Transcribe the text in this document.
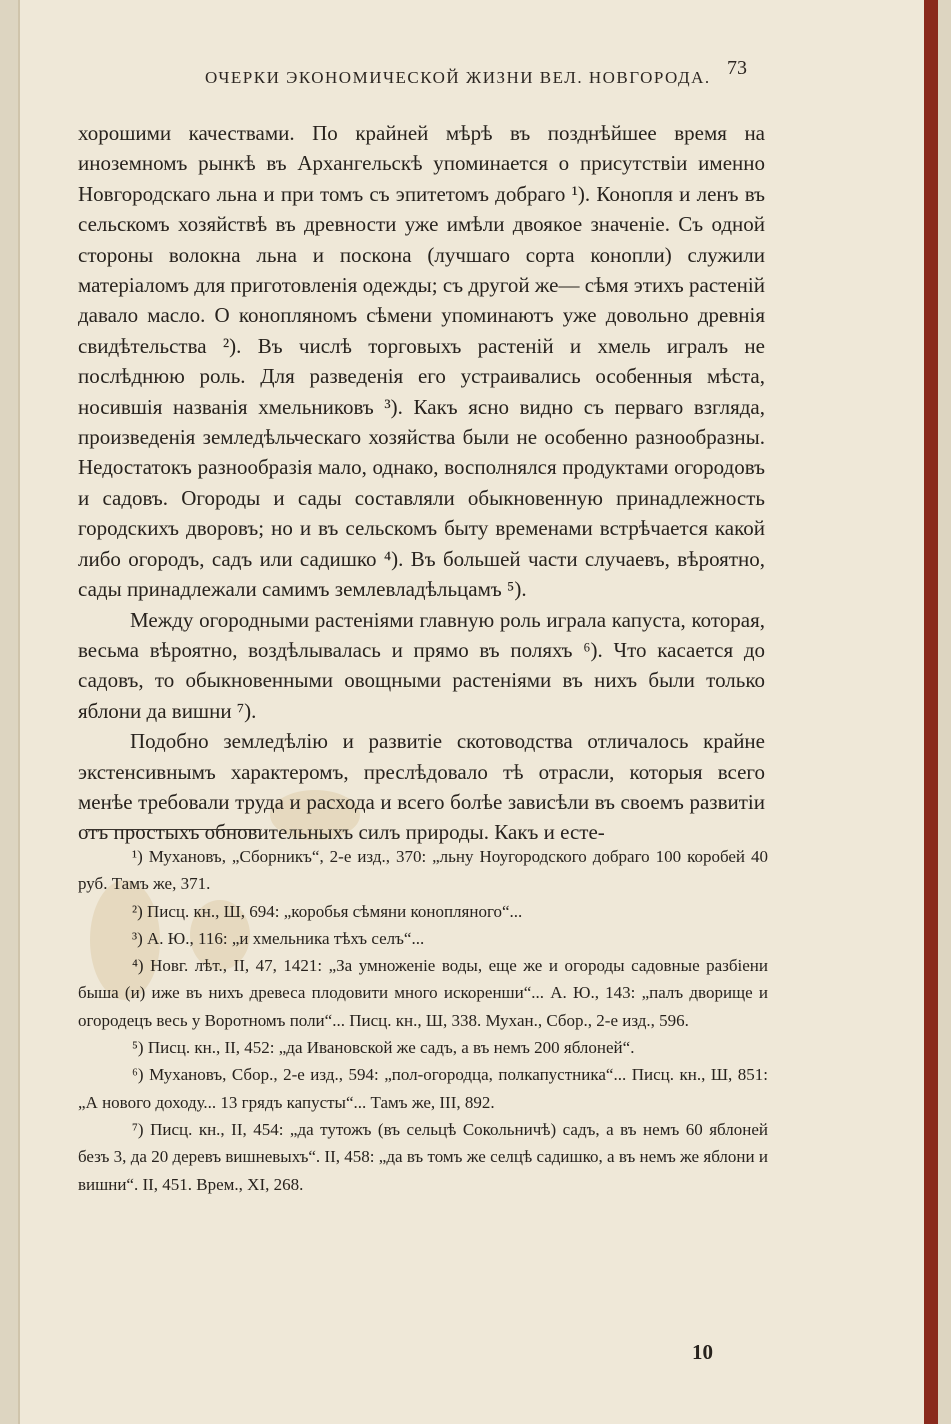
ОЧЕРКИ ЭКОНОМИЧЕСКОЙ ЖИЗНИ ВЕЛ. НОВГОРОДА. 73

хорошими качествами. По крайней мѣрѣ въ позднѣйшее время на иноземномъ рынкѣ въ Архангельскѣ упоминается о присутствіи именно Новгородскаго льна и при томъ съ эпитетомъ добраго ¹). Конопля и ленъ въ сельскомъ хозяйствѣ въ древности уже имѣли двоякое значеніе. Съ одной стороны волокна льна и поскона (лучшаго сорта конопли) служили матеріаломъ для приготовленія одежды; съ другой же— сѣмя этихъ растеній давало масло. О конопляномъ сѣмени упоминаютъ уже довольно древнія свидѣтельства ²). Въ числѣ торговыхъ растеній и хмель игралъ не послѣднюю роль. Для разведенія его устраивались особенныя мѣста, носившія названія хмельниковъ ³). Какъ ясно видно съ перваго взгляда, произведенія земледѣльческаго хозяйства были не особенно разнообразны. Недостатокъ разнообразія мало, однако, восполнялся продуктами огородовъ и садовъ. Огороды и сады составляли обыкновенную принадлежность городскихъ дворовъ; но и въ сельскомъ быту временами встрѣчается какой либо огородъ, садъ или садишко ⁴). Въ большей части случаевъ, вѣроятно, сады принадлежали самимъ землевладѣльцамъ ⁵).

Между огородными растеніями главную роль играла капуста, которая, весьма вѣроятно, воздѣлывалась и прямо въ поляхъ ⁶). Что касается до садовъ, то обыкновенными овощными растеніями въ нихъ были только яблони да вишни ⁷).

Подобно земледѣлію и развитіе скотоводства отличалось крайне экстенсивнымъ характеромъ, преслѣдовало тѣ отрасли, которыя всего менѣе требовали труда и расхода и всего болѣе зависѣли въ своемъ развитіи отъ простыхъ обновительныхъ силъ природы. Какъ и есте-

¹) Мухановъ, „Сборникъ“, 2-е изд., 370: „льну Ноугородского добраго 100 коробей 40 руб. Тамъ же, 371.

²) Писц. кн., Ш, 694: „коробья сѣмяни конопляного“...

³) А. Ю., 116: „и хмельника тѣхъ селъ“...

⁴) Новг. лѣт., II, 47, 1421: „За умноженіе воды, еще же и огороды садовные разбіени быша (и) иже въ нихъ древеса плодовити много искоренши“... А. Ю., 143: „палъ дворище и огородецъ весь у Воротномъ поли“... Писц. кн., Ш, 338. Мухан., Сбор., 2-е изд., 596.

⁵) Писц. кн., II, 452: „да Ивановской же садъ, а въ немъ 200 яблоней“.

⁶) Мухановъ, Сбор., 2-е изд., 594: „пол-огородца, полкапустника“... Писц. кн., Ш, 851: „А нового доходу... 13 грядъ капусты“... Тамъ же, III, 892.

⁷) Писц. кн., II, 454: „да тутожъ (въ сельцѣ Сокольничѣ) садъ, а въ немъ 60 яблоней безъ 3, да 20 деревъ вишневыхъ“. II, 458: „да въ томъ же селцѣ садишко, а въ немъ же яблони и вишни“. II, 451. Врем., XI, 268.

10
